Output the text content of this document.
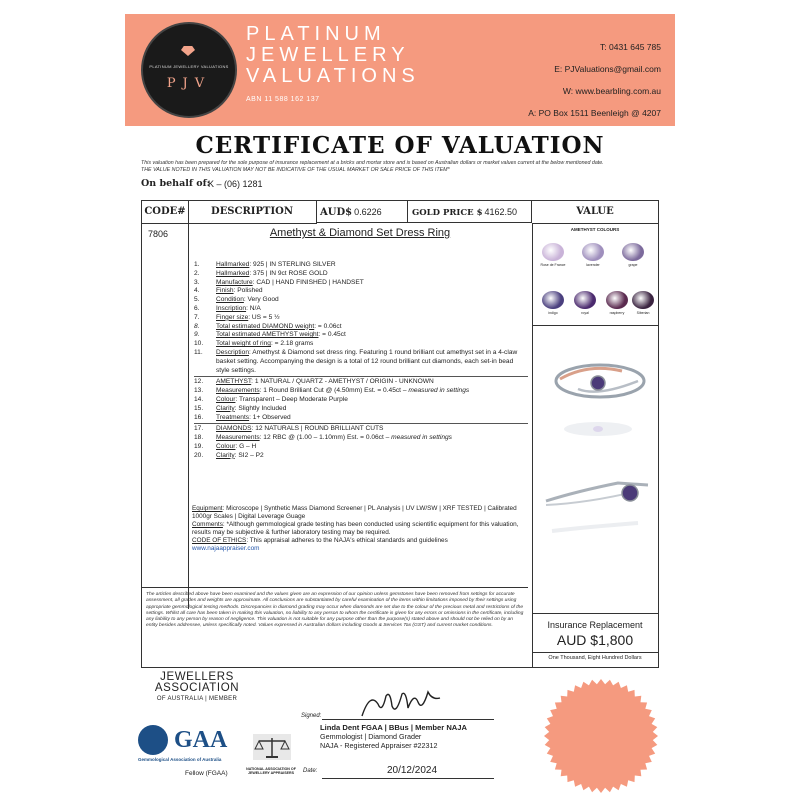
PLATINUM JEWELLERY VALUATIONS
PJV
PLATINUM
JEWELLERY
VALUATIONS
ABN 11 588 162 137
T: 0431 645 785
E: PJValuations@gmail.com
W: www.bearbling.com.au
A: PO Box 1511 Beenleigh @ 4207
CERTIFICATE OF VALUATION
This valuation has been prepared for the sole purpose of insurance replacement at a bricks and mortar store and is based on Australian dollars or market values current at the below mentioned date.
THE VALUE NOTED IN THIS VALUATION MAY NOT BE INDICATIVE OF THE USUAL MARKET OR SALE PRICE OF THIS ITEM*
On behalf of:
K – (06) 1281
CODE#	DESCRIPTION	AUD$ 0.6226	GOLD PRICE $ 4162.50	VALUE
7806	Amethyst & Diamond Set Dress Ring
1.	Hallmarked: 925 | IN STERLING SILVER
2.	Hallmarked: 375 | IN 9ct ROSE GOLD
3.	Manufacture: CAD | HAND FINISHED | HANDSET
4.	Finish: Polished
5.	Condition: Very Good
6.	Inscription: N/A
7.	Finger size: US = 5 ½
8.	Total estimated DIAMOND weight: = 0.06ct
9.	Total estimated AMETHYST weight: = 0.45ct
10.	Total weight of ring: = 2.18 grams
11.	Description: Amethyst & Diamond set dress ring. Featuring 1 round brilliant cut amethyst set in a 4-claw basket setting. Accompanying the design is a total of 12 round brilliant cut diamonds, each set-in bead style settings.
12.	AMETHYST: 1 NATURAL / QUARTZ - AMETHYST / ORIGIN - UNKNOWN
13.	Measurements: 1 Round Brilliant Cut @ (4.50mm) Est. = 0.45ct – measured in settings
14.	Colour: Transparent – Deep Moderate Purple
15.	Clarity: Slightly Included
16.	Treatments: 1+ Observed
17.	DIAMONDS: 12 NATURALS | ROUND BRILLIANT CUTS
18.	Measurements: 12 RBC @ (1.00 – 1.10mm) Est. = 0.06ct – measured in settings
19.	Colour: G – H
20.	Clarity: SI2 – P2
Equipment: Microscope | Synthetic Mass Diamond Screener | PL Analysis | UV LW/SW | XRF TESTED | Calibrated 1000gr Scales | Digital Leverage Guage
Comments: *Although gemmological grade testing has been conducted using scientific equipment for this valuation, results may be subjective & further laboratory testing may be required.
CODE OF ETHICS: This appraisal adheres to the NAJA's ethical standards and guidelines
www.najaappraiser.com
AMETHYST COLOURS
Rose de France	lavender	grape
indigo	royal	raspberry	Siberian
The articles described above have been examined and the values given are an expression of our opinion unless gemstones have been removed from settings for accurate assessment, all grades and weights are approximate. All conclusions are substantiated by careful examination of the items within limitations imposed by their settings using appropriate gemmological testing methods. Discrepancies in diamond grading may occur when diamonds are set due to the colour of the precious metal and restrictions of the settings. Whilst all care has been taken in making this valuation, no liability to any person to whom the certificate is given for any errors or omissions in the certificate, including any liability to any person by reason of negligence. This valuation is not suitable for any purpose other than the purpose(s) stated above and should not be relied on by an entity besides addressee, unless specifically noted. Values expressed in Australian dollars including Goods & Services Tax (GST) and current market conditions.	Insurance Replacement
AUD $1,800
One Thousand, Eight Hundred Dollars
JEWELLERS
ASSOCIATION
OF AUSTRALIA | MEMBER
GAA
Gemmological Association of Australia
Fellow (FGAA)
NATIONAL ASSOCIATION OF JEWELLERY APPRAISERS
Signed:
Linda Dent FGAA | BBus | Member NAJA
Gemmologist | Diamond Grader
NAJA - Registered Appraiser #22312
Date:	20/12/2024
